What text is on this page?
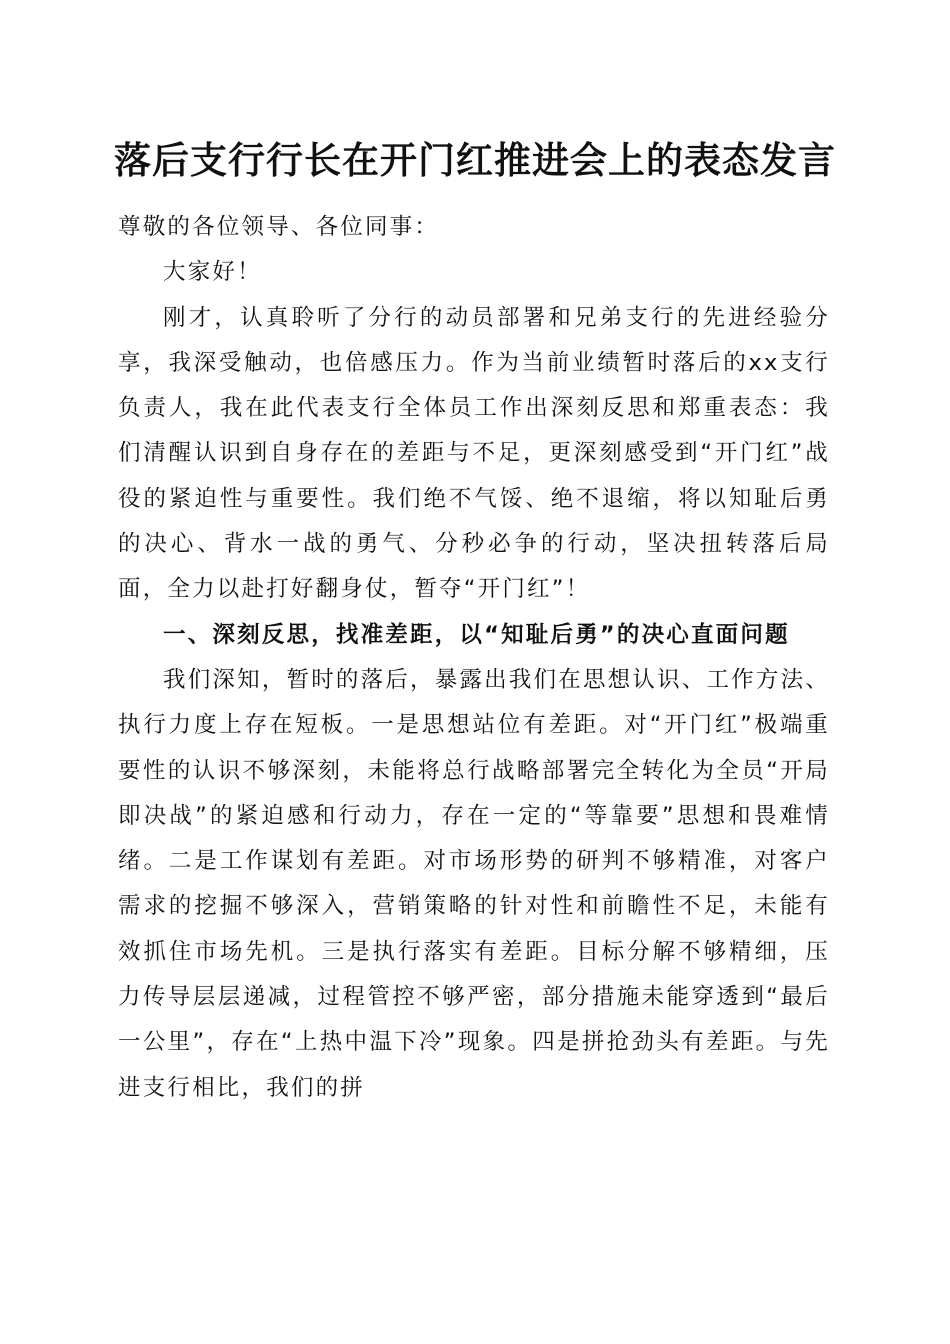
落后支行行长在开门红推进会上的表态发言

尊敬的各位领导、各位同事：

大家好！

刚才，认真聆听了分行的动员部署和兄弟支行的先进经验分享，我深受触动，也倍感压力。作为当前业绩暂时落后的xx支行负责人，我在此代表支行全体员工作出深刻反思和郑重表态：我们清醒认识到自身存在的差距与不足，更深刻感受到“开门红”战役的紧迫性与重要性。我们绝不气馁、绝不退缩，将以知耻后勇的决心、背水一战的勇气、分秒必争的行动，坚决扭转落后局面，全力以赴打好翻身仗，暂夺“开门红”！

一、深刻反思，找准差距，以“知耻后勇”的决心直面问题

我们深知，暂时的落后，暴露出我们在思想认识、工作方法、执行力度上存在短板。一是思想站位有差距。对“开门红”极端重要性的认识不够深刻，未能将总行战略部署完全转化为全员“开局即决战”的紧迫感和行动力，存在一定的“等靠要”思想和畏难情绪。二是工作谋划有差距。对市场形势的研判不够精准，对客户需求的挖掘不够深入，营销策略的针对性和前瞻性不足，未能有效抓住市场先机。三是执行落实有差距。目标分解不够精细，压力传导层层递减，过程管控不够严密，部分措施未能穿透到“最后一公里”，存在“上热中温下冷”现象。四是拼抢劲头有差距。与先进支行相比，我们的拼
